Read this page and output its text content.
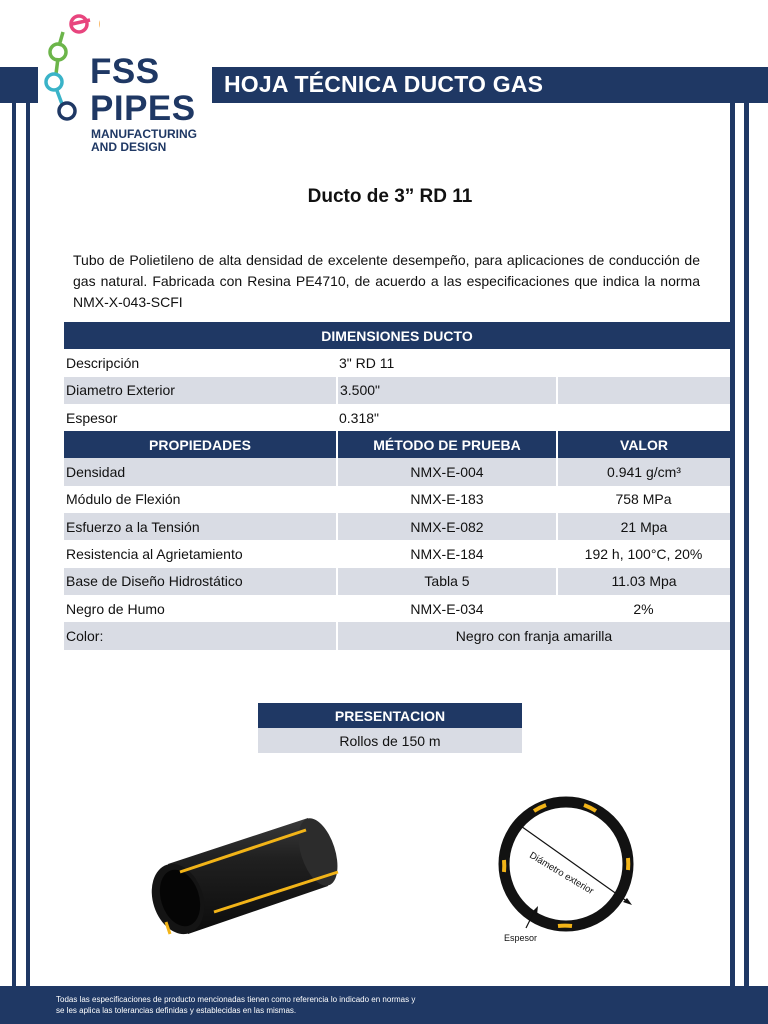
HOJA TÉCNICA DUCTO GAS
FSS
PIPES
MANUFACTURING
AND DESIGN
Ducto de 3” RD 11

Tubo de Polietileno de alta densidad de excelente desempeño, para aplicaciones de conducción de gas natural. Fabricada con Resina PE4710, de acuerdo a las especificaciones que indica la norma NMX-X-043-SCFI

DIMENSIONES DUCTO		
Descripción	3" RD 11	
Diametro Exterior	3.500"	
Espesor	0.318"	
PROPIEDADES	MÉTODO DE PRUEBA	VALOR
Densidad	NMX-E-004	0.941 g/cm³
Módulo de Flexión	NMX-E-183	758 MPa
Esfuerzo a la Tensión	NMX-E-082	21 Mpa
Resistencia al Agrietamiento	NMX-E-184	192 h, 100°C, 20%
Base de Diseño Hidrostático	Tabla 5	11.03 Mpa
Negro de Humo	NMX-E-034	2%
Color:	Negro con franja amarilla	
PRESENTACION
Rollos de 150 m
Diámetro exterior
Espesor
Todas las especificaciones de producto mencionadas tienen como referencia lo indicado en normas y
se les aplica las tolerancias definidas y establecidas en las mismas.
